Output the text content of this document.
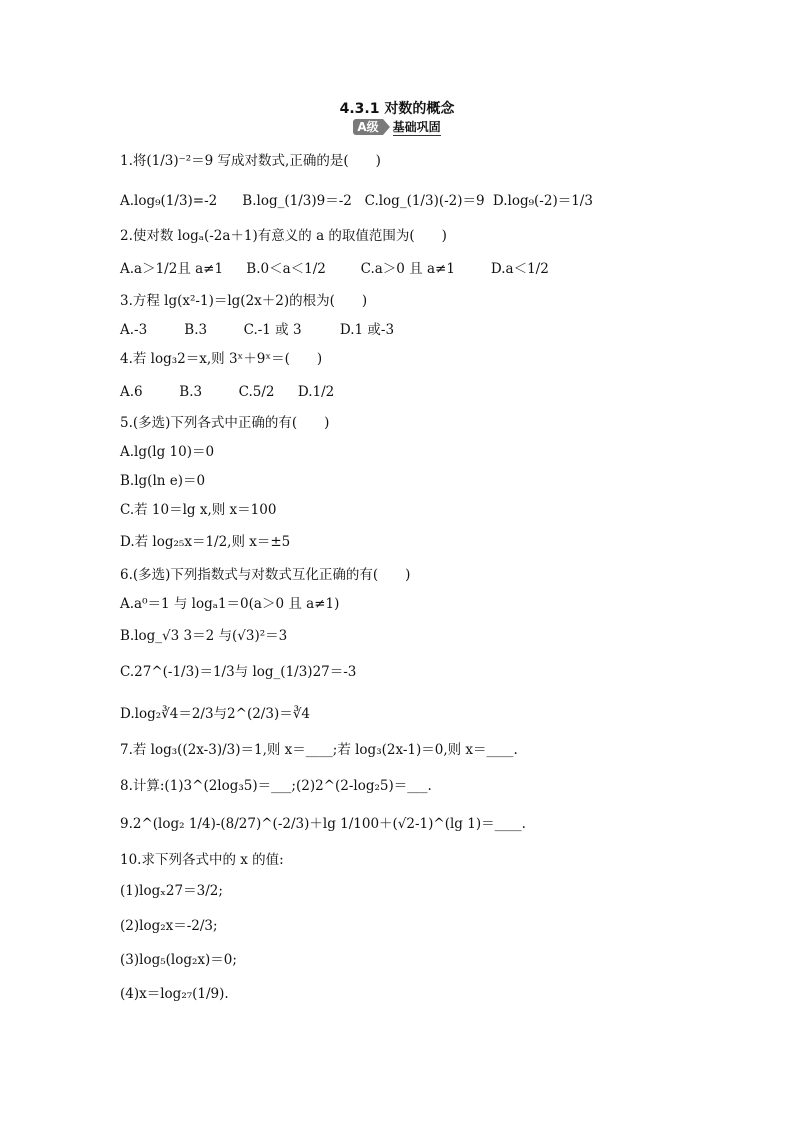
4.3.1 对数的概念
A级 基础巩固
1.将(1/3)⁻²＝9 写成对数式,正确的是(　　)
A.log₉(1/3)=-2 B.log_(1/3)9＝-2 C.log_(1/3)(-2)＝9 D.log₉(-2)＝1/3
2.使对数 logₐ(-2a＋1)有意义的 a 的取值范围为(　　)
A.a＞1/2且 a≠1 B.0＜a＜1/2	C.a＞0 且 a≠1	D.a＜1/2
3.方程 lg(x²-1)＝lg(2x＋2)的根为(　　)
A.-3	B.3	C.-1 或 3	D.1 或-3
4.若 log₃2＝x,则 3ˣ＋9ˣ＝(　　)
A.6	B.3	C.5/2 D.1/2
5.(多选)下列各式中正确的有(　　)
A.lg(lg 10)＝0
B.lg(ln e)＝0
C.若 10＝lg x,则 x＝100
D.若 log₂₅x＝1/2,则 x＝±5
6.(多选)下列指数式与对数式互化正确的有(　　)
A.a⁰＝1 与 logₐ1＝0(a＞0 且 a≠1)
B.log_√3 3＝2 与(√3)²＝3
C.27^(-1/3)＝1/3与 log_(1/3)27＝-3
D.log₂∛4＝2/3与2^(2/3)＝∛4
7.若 log₃((2x-3)/3)＝1,则 x＝____;若 log₃(2x-1)＝0,则 x＝____.
8.计算:(1)3^(2log₃5)＝___;(2)2^(2-log₂5)＝___.
9.2^(log₂ 1/4)-(8/27)^(-2/3)＋lg 1/100＋(√2-1)^(lg 1)＝____.
10.求下列各式中的 x 的值:
(1)logₓ27＝3/2;
(2)log₂x＝-2/3;
(3)log₅(log₂x)＝0;
(4)x＝log₂₇(1/9).
